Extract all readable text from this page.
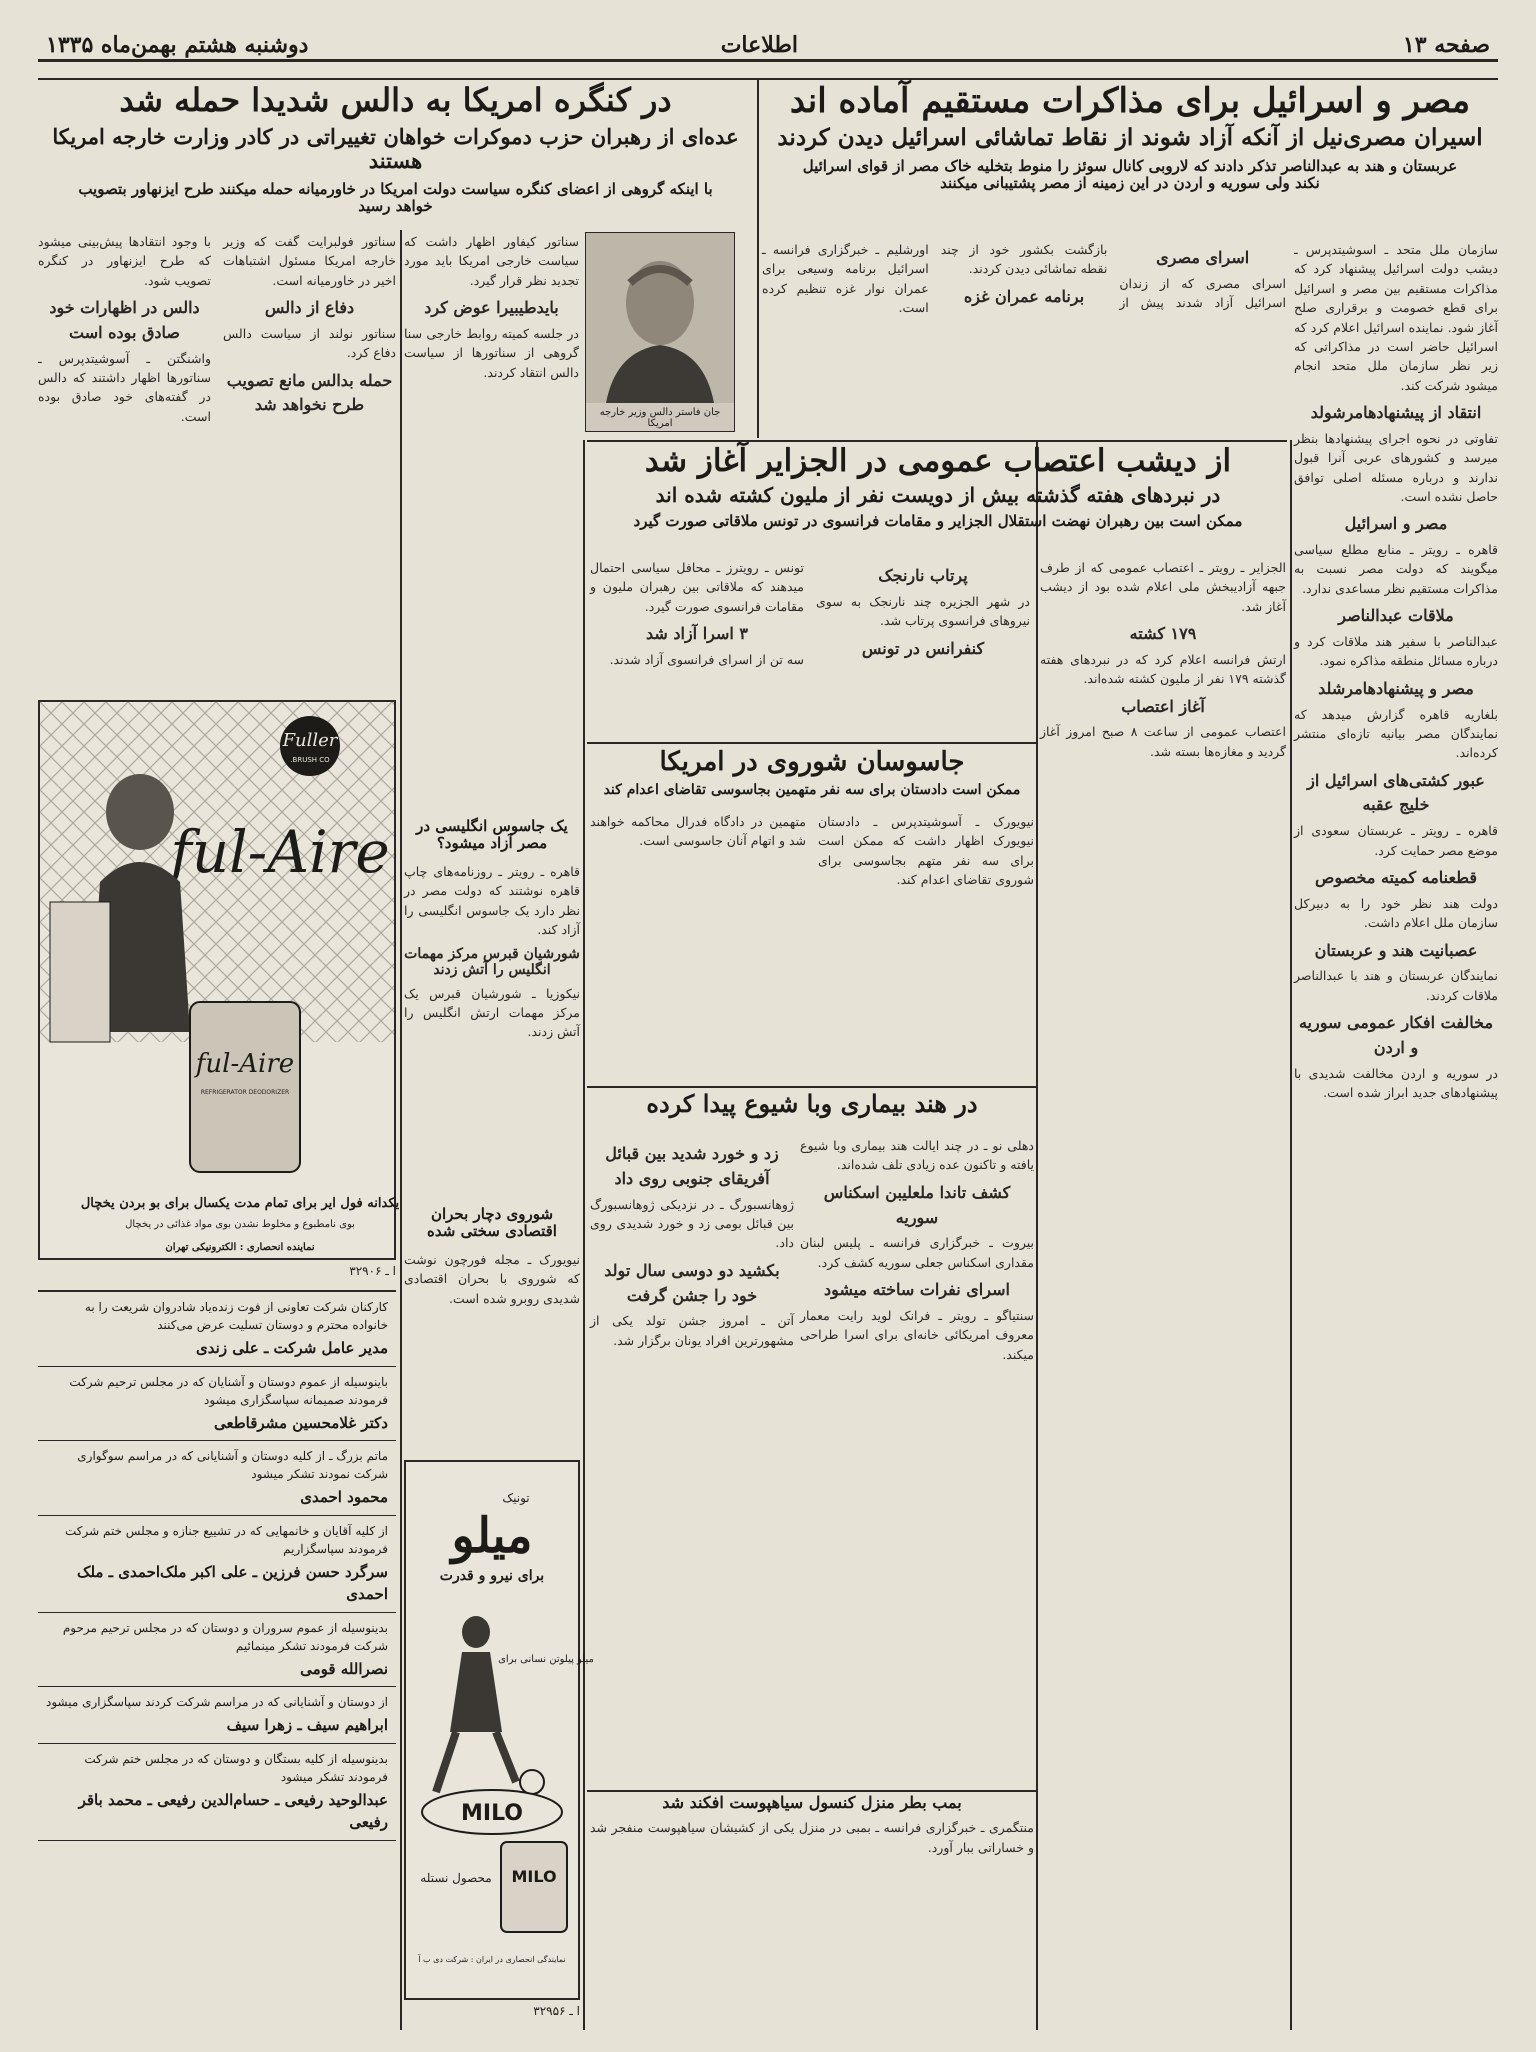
صفحه ۱۳
اطلاعات
دوشنبه هشتم بهمن‌ماه ۱۳۳۵
مصر و اسرائیل برای مذاکرات مستقیم آماده اند
اسیران مصری‌نیل از آنکه آزاد شوند از نقاط تماشائی اسرائیل دیدن کردند
عربستان و هند به عبدالناصر تذکر دادند که لاروبی کانال سوئز را منوط بتخلیه خاک مصر از قوای اسرائیل نکند ولی سوریه و اردن در این زمینه از مصر پشتیبانی میکنند

سازمان ملل متحد ـ اسوشیتدپرس ـ دیشب دولت اسرائیل پیشنهاد کرد که مذاکرات مستقیم بین مصر و اسرائیل برای قطع خصومت و برقراری صلح آغاز شود. نماینده اسرائیل اعلام کرد که اسرائیل حاضر است در مذاکراتی که زیر نظر سازمان ملل متحد انجام میشود شرکت کند.

انتقاد از پیشنهادهامرشولد

تفاوتی در نحوه اجرای پیشنهادها بنظر میرسد و کشورهای عربی آنرا قبول ندارند و درباره مسئله اصلی توافق حاصل نشده است.

مصر و اسرائیل

قاهره ـ رویتر ـ منابع مطلع سیاسی میگویند که دولت مصر نسبت به مذاکرات مستقیم نظر مساعدی ندارد.

ملاقات عبدالناصر

عبدالناصر با سفیر هند ملاقات کرد و درباره مسائل منطقه مذاکره نمود.

مصر و پیشنهادهامرشلد

بلغاریه قاهره گزارش میدهد که نمایندگان مصر بیانیه تازه‌ای منتشر کرده‌اند.

عبور کشتی‌های اسرائیل از خلیج عقبه

قاهره ـ رویتر ـ عربستان سعودی از موضع مصر حمایت کرد.

قطعنامه کمیته مخصوص

دولت هند نظر خود را به دبیرکل سازمان ملل اعلام داشت.

عصبانیت هند و عربستان

نمایندگان عربستان و هند با عبدالناصر ملاقات کردند.

مخالفت افکار عمومی سوریه و اردن

در سوریه و اردن مخالفت شدیدی با پیشنهادهای جدید ابراز شده است.

اسرای مصری

اسرای مصری که از زندان اسرائیل آزاد شدند پیش از بازگشت بکشور خود از چند نقطه تماشائی دیدن کردند.

برنامه عمران غزه

اورشلیم ـ خبرگزاری فرانسه ـ اسرائیل برنامه وسیعی برای عمران نوار غزه تنظیم کرده است.

در کنگره امریکا به دالس شدیدا حمله شد
عده‌ای از رهبران حزب دموکرات خواهان تغییراتی در کادر وزارت خارجه امریکا هستند
با اینکه گروهی از اعضای کنگره سیاست دولت امریکا در خاورمیانه حمله میکنند طرح ایزنهاور بتصویب خواهد رسید
جان فاستر دالس وزیر خارجه امریکا

سناتور کیفاور اظهار داشت که سیاست خارجی امریکا باید مورد تجدید نظر قرار گیرد.

بایدطیبیرا عوض کرد

در جلسه کمیته روابط خارجی سنا گروهی از سناتورها از سیاست دالس انتقاد کردند.

سناتور فولبرایت گفت که وزیر خارجه امریکا مسئول اشتباهات اخیر در خاورمیانه است.

دفاع از دالس

سناتور نولند از سیاست دالس دفاع کرد.

حمله بدالس مانع تصویب طرح نخواهد شد

با وجود انتقادها پیش‌بینی میشود که طرح ایزنهاور در کنگره تصویب شود.

دالس در اظهارات خود صادق بوده است

واشنگتن ـ آسوشیتدپرس ـ سناتورها اظهار داشتند که دالس در گفته‌های خود صادق بوده است.

از دیشب اعتصاب عمومی در الجزایر آغاز شد
در نبردهای هفته گذشته بیش از دویست نفر از ملیون کشته شده اند
ممکن است بین رهبران نهضت استقلال الجزایر و مقامات فرانسوی در تونس ملاقاتی صورت گیرد

الجزایر ـ رویتر ـ اعتصاب عمومی که از طرف جبهه آزادیبخش ملی اعلام شده بود از دیشب آغاز شد.

۱۷۹ کشته

ارتش فرانسه اعلام کرد که در نبردهای هفته گذشته ۱۷۹ نفر از ملیون کشته شده‌اند.

آغاز اعتصاب

اعتصاب عمومی از ساعت ۸ صبح امروز آغاز گردید و مغازه‌ها بسته شد.

پرتاب نارنجک

در شهر الجزیره چند نارنجک به سوی نیروهای فرانسوی پرتاب شد.

کنفرانس در تونس

تونس ـ رویترز ـ محافل سیاسی احتمال میدهند که ملاقاتی بین رهبران ملیون و مقامات فرانسوی صورت گیرد.

۳ اسرا آزاد شد

سه تن از اسرای فرانسوی آزاد شدند.

جاسوسان شوروی در امریکا
ممکن است دادستان برای سه نفر متهمین بجاسوسی تقاضای اعدام کند

نیویورک ـ آسوشیتدپرس ـ دادستان نیویورک اظهار داشت که ممکن است برای سه نفر متهم بجاسوسی برای شوروی تقاضای اعدام کند.

متهمین در دادگاه فدرال محاکمه خواهند شد و اتهام آنان جاسوسی است.

در هند بیماری وبا شیوع پیدا کرده

دهلی نو ـ در چند ایالت هند بیماری وبا شیوع یافته و تاکنون عده زیادی تلف شده‌اند.

کشف تاندا ملعلیبن اسکناس سوریه

بیروت ـ خبرگزاری فرانسه ـ پلیس لبنان مقداری اسکناس جعلی سوریه کشف کرد.

اسرای نفرات ساخته میشود

سنتیاگو ـ رویتر ـ فرانک لوید رایت معمار معروف امریکائی خانه‌ای برای اسرا طراحی میکند.

زد و خورد شدید بین قبائل آفریقای جنوبی روی داد

ژوهانسبورگ ـ در نزدیکی ژوهانسبورگ بین قبائل بومی زد و خورد شدیدی روی داد.

بکشید دو دوسی سال تولد خود را جشن گرفت

آتن ـ امروز جشن تولد یکی از مشهورترین افراد یونان برگزار شد.

بمب بطر منزل کنسول سیاهپوست افکند شد
منتگمری ـ خبرگزاری فرانسه ـ بمبی در منزل یکی از کشیشان سیاهپوست منفجر شد و خساراتی ببار آورد.
یک جاسوس انگلیسی در مصر آزاد میشود؟

قاهره ـ رویتر ـ روزنامه‌های چاپ قاهره نوشتند که دولت مصر در نظر دارد یک جاسوس انگلیسی را آزاد کند.

شورشیان قبرس مرکز مهمات انگلیس را آتش زدند

نیکوزیا ـ شورشیان قبرس یک مرکز مهمات ارتش انگلیس را آتش زدند.

شوروی دچار بحران اقتصادی سختی شده

نیویورک ـ مجله فورچون نوشت که شوروی با بحران اقتصادی شدیدی روبرو شده است.

Fuller
BRUSH CO.
ful-Aire
ful-Aire
REFRIGERATOR DEODORIZER
یکدانه فول ایر برای تمام مدت یکسال برای بو بردن یخچال
بوی نامطبوع و مخلوط نشدن بوی مواد غذائی در یخچال
نماینده انحصاری : الکترونیکی تهران
ا ـ ۳۲۹۰۶
کارکنان شرکت تعاونی از فوت زنده‌یاد شادروان شریعت را به خانواده محترم و دوستان تسلیت عرض می‌کنند
مدیر عامل شرکت ـ علی زندی
باینوسیله از عموم دوستان و آشنایان که در مجلس ترحیم شرکت فرمودند صمیمانه سپاسگزاری میشود
دکتر غلامحسین مشرقاطعی
ماتم بزرگ ـ از کلیه دوستان و آشنایانی که در مراسم سوگواری شرکت نمودند تشکر میشود
محمود احمدی
از کلیه آقایان و خانمهایی که در تشییع جنازه و مجلس ختم شرکت فرمودند سپاسگزاریم
سرگرد حسن فرزین ـ علی اکبر ملک‌احمدی ـ ملک احمدی
بدینوسیله از عموم سروران و دوستان که در مجلس ترحیم مرحوم شرکت فرمودند تشکر مینمائیم
نصرالله قومی
از دوستان و آشنایانی که در مراسم شرکت کردند سپاسگزاری میشود
ابراهیم سیف ـ زهرا سیف
بدینوسیله از کلیه بستگان و دوستان که در مجلس ختم شرکت فرمودند تشکر میشود
عبدالوحید رفیعی ـ حسام‌الدین رفیعی ـ محمد باقر رفیعی
تونیک
میلو
برای نیرو و قدرت
میلو پیلوتن نسانی برای
MILO
MILO
محصول نستله
نمایندگی انحصاری در ایران : شرکت دی ب آ
ا ـ ۳۲۹۵۶
